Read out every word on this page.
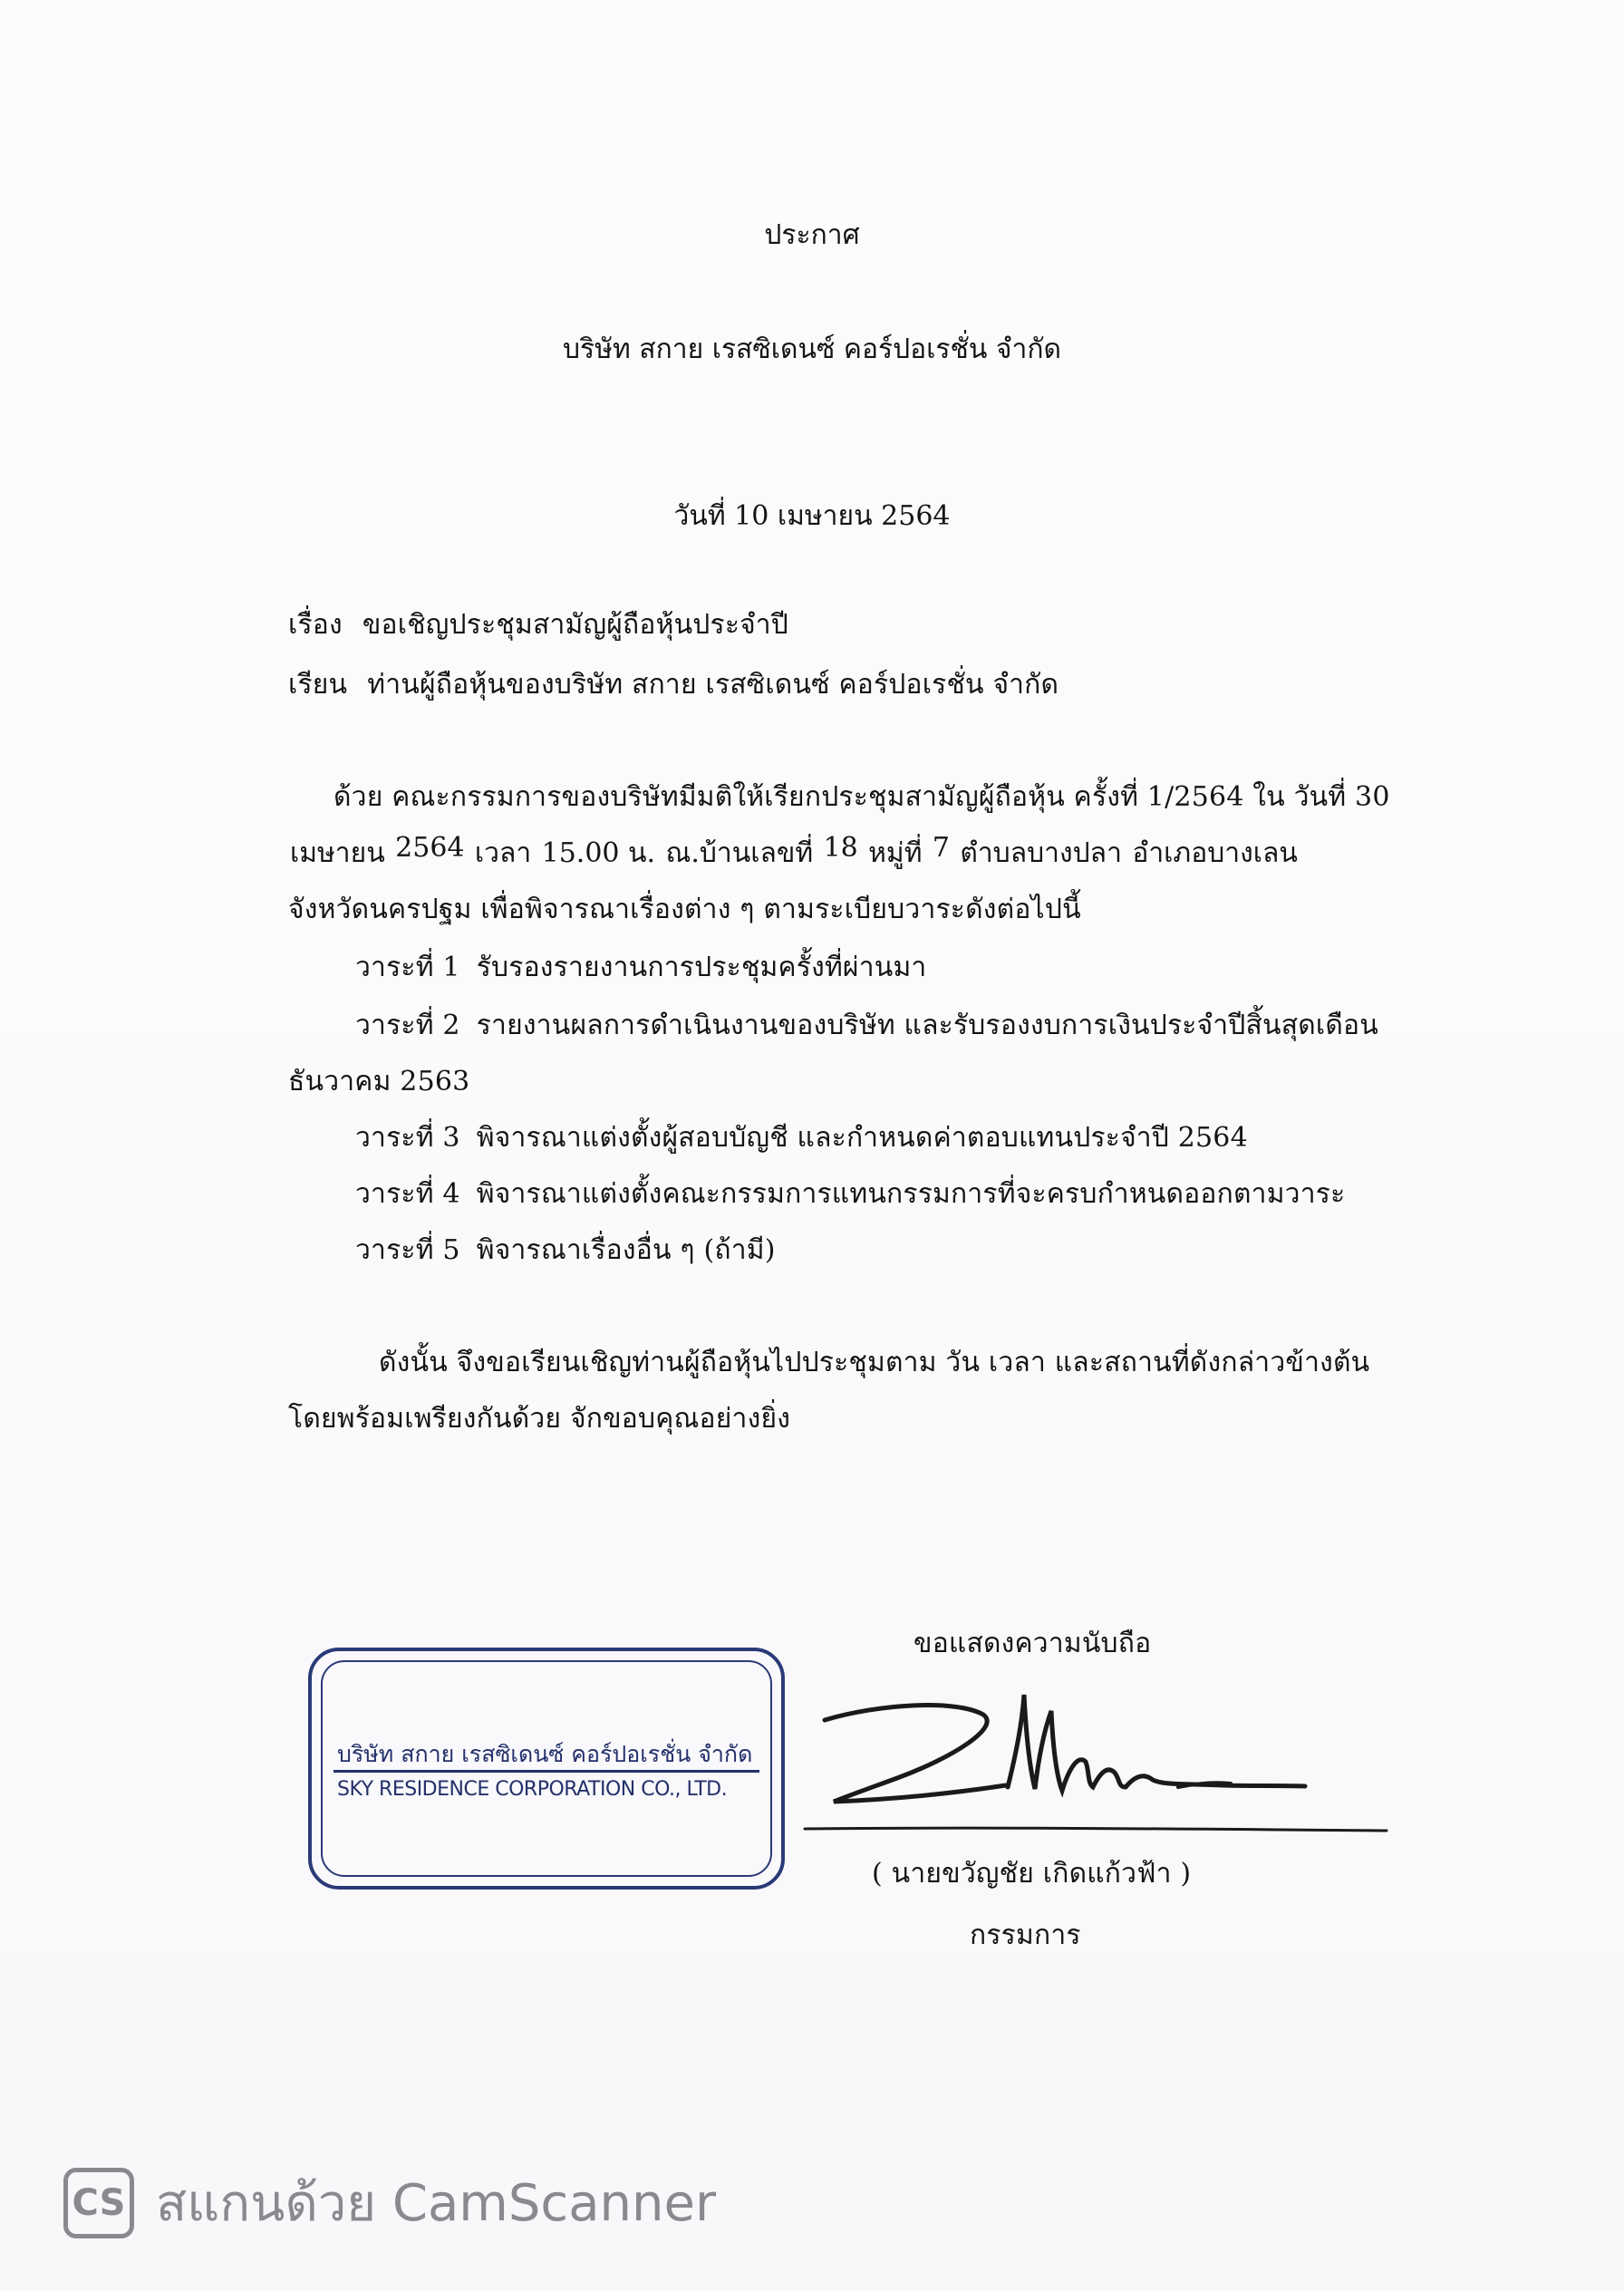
ประกาศ
บริษัท สกาย เรสซิเดนซ์ คอร์ปอเรชั่น จำกัด
วันที่ 10 เมษายน 2564
เรื่อง ขอเชิญประชุมสามัญผู้ถือหุ้นประจำปี
เรียน ท่านผู้ถือหุ้นของบริษัท สกาย เรสซิเดนซ์ คอร์ปอเรชั่น จำกัด
ด้วย คณะกรรมการของบริษัทมีมติให้เรียกประชุมสามัญผู้ถือหุ้น ครั้งที่ 1/2564 ใน วันที่ 30
เมษายน 2564 เวลา 15.00 น. ณ.บ้านเลขที่ 18 หมู่ที่ 7 ตำบลบางปลา อำเภอบางเลน
จังหวัดนครปฐม เพื่อพิจารณาเรื่องต่าง ๆ ตามระเบียบวาระดังต่อไปนี้
วาระที่ 1 รับรองรายงานการประชุมครั้งที่ผ่านมา
วาระที่ 2 รายงานผลการดำเนินงานของบริษัท และรับรองงบการเงินประจำปีสิ้นสุดเดือน
ธันวาคม 2563
วาระที่ 3 พิจารณาแต่งตั้งผู้สอบบัญชี และกำหนดค่าตอบแทนประจำปี 2564
วาระที่ 4 พิจารณาแต่งตั้งคณะกรรมการแทนกรรมการที่จะครบกำหนดออกตามวาระ
วาระที่ 5 พิจารณาเรื่องอื่น ๆ (ถ้ามี)
ดังนั้น จึงขอเรียนเชิญท่านผู้ถือหุ้นไปประชุมตาม วัน เวลา และสถานที่ดังกล่าวข้างต้น
โดยพร้อมเพรียงกันด้วย จักขอบคุณอย่างยิ่ง
ขอแสดงความนับถือ
บริษัท สกาย เรสซิเดนซ์ คอร์ปอเรชั่น จำกัด
SKY RESIDENCE CORPORATION CO., LTD.
( นายขวัญชัย เกิดแก้วฟ้า )
กรรมการ
CS สแกนด้วย CamScanner
